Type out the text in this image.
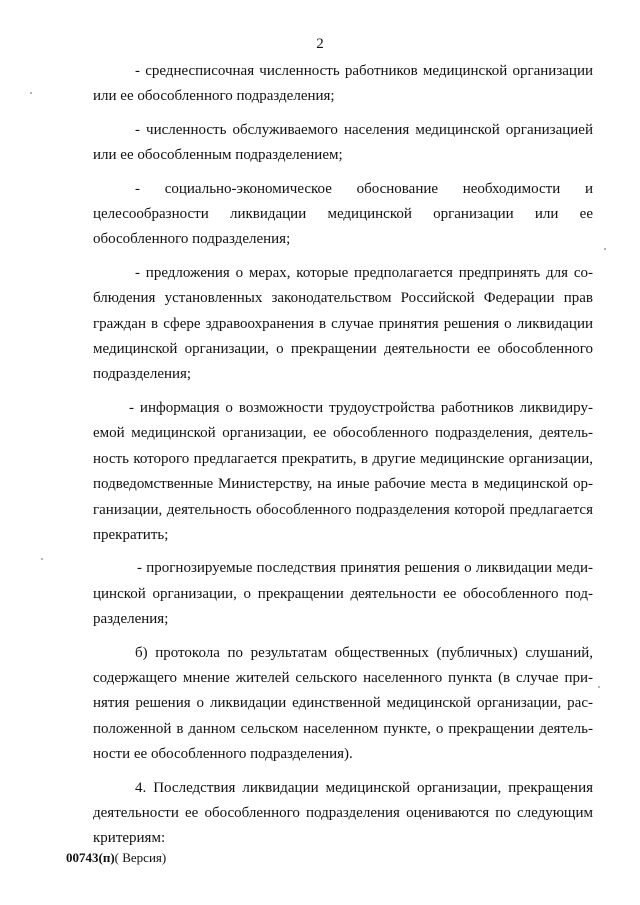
2

- среднесписочная численность работников медицинской организации или ее обособленного подразделения;

- численность обслуживаемого населения медицинской организацией или ее обособленным подразделением;

- социально-экономическое обоснование необходимости и целесообразности ликвидации медицинской организации или ее обособленного подразделения;

- предложения о мерах, которые предполагается предпринять для соблюдения установленных законодательством Российской Федерации прав граждан в сфере здравоохранения в случае принятия решения о ликвидации медицинской организации, о прекращении деятельности ее обособленного подразделения;

- информация о возможности трудоустройства работников ликвидируемой медицинской организации, ее обособленного подразделения, деятельность которого предлагается прекратить, в другие медицинские организации, подведомственные Министерству, на иные рабочие места в медицинской организации, деятельность обособленного подразделения которой предлагается прекратить;

- прогнозируемые последствия принятия решения о ликвидации медицинской организации, о прекращении деятельности ее обособленного подразделения;

б) протокола по результатам общественных (публичных) слушаний, содержащего мнение жителей сельского населенного пункта (в случае принятия решения о ликвидации единственной медицинской организации, расположенной в данном сельском населенном пункте, о прекращении деятельности ее обособленного подразделения).

4. Последствия ликвидации медицинской организации, прекращения деятельности ее обособленного подразделения оцениваются по следующим критериям:

00743(п)( Версия)
